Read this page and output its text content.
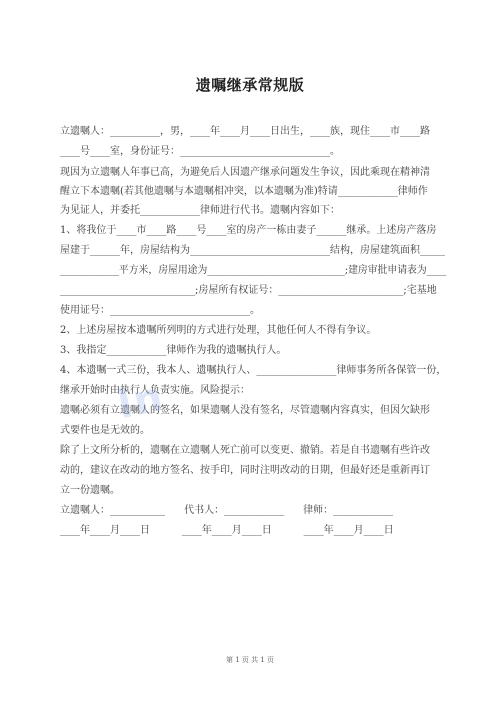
遗嘱继承常规版
立遗嘱人：__________，男，____年____月____日出生，____族，现住____市____路
____号____室，身份证号：______________________________。
现因为立遗嘱人年事已高，为避免后人因遗产继承问题发生争议，因此乘现在精神清
醒立下本遗嘱(若其他遗嘱与本遗嘱相冲突，以本遗嘱为准)特请____________律师作
为见证人，并委托____________律师进行代书。遗嘱内容如下：
1、将我位于____市____路____号____室的房产一栋由妻子______继承。上述房产落房
屋建于______年，房屋结构为____________________________结构，房屋建筑面积_____
____________平方米，房屋用途为____________________________;建房审批申请表为____
___________________________;房屋所有权证号：_________________________;宅基地
使用证号：____________________________。
2、上述房屋按本遗嘱所列明的方式进行处理，其他任何人不得有争议。
3、我指定____________律师作为我的遗嘱执行人。
4、本遗嘱一式三份，我本人、遗嘱执行人、________________律师事务所各保管一份，
继承开始时由执行人负责实施。风险提示：
遗嘱必须有立遗嘱人的签名，如果遗嘱人没有签名，尽管遗嘱内容真实，但因欠缺形
式要件也是无效的。
除了上文所分析的，遗嘱在立遗嘱人死亡前可以变更、撤销。若是自书遗嘱有些许改
动的，建议在改动的地方签名、按手印，同时注明改动的日期，但最好还是重新再订
立一份遗嘱。
立遗嘱人：___________      代书人：____________      律师：____________
____年____月____日          ____年____月____日          ____年____月____日
ln
第 1 页 共 1 页
